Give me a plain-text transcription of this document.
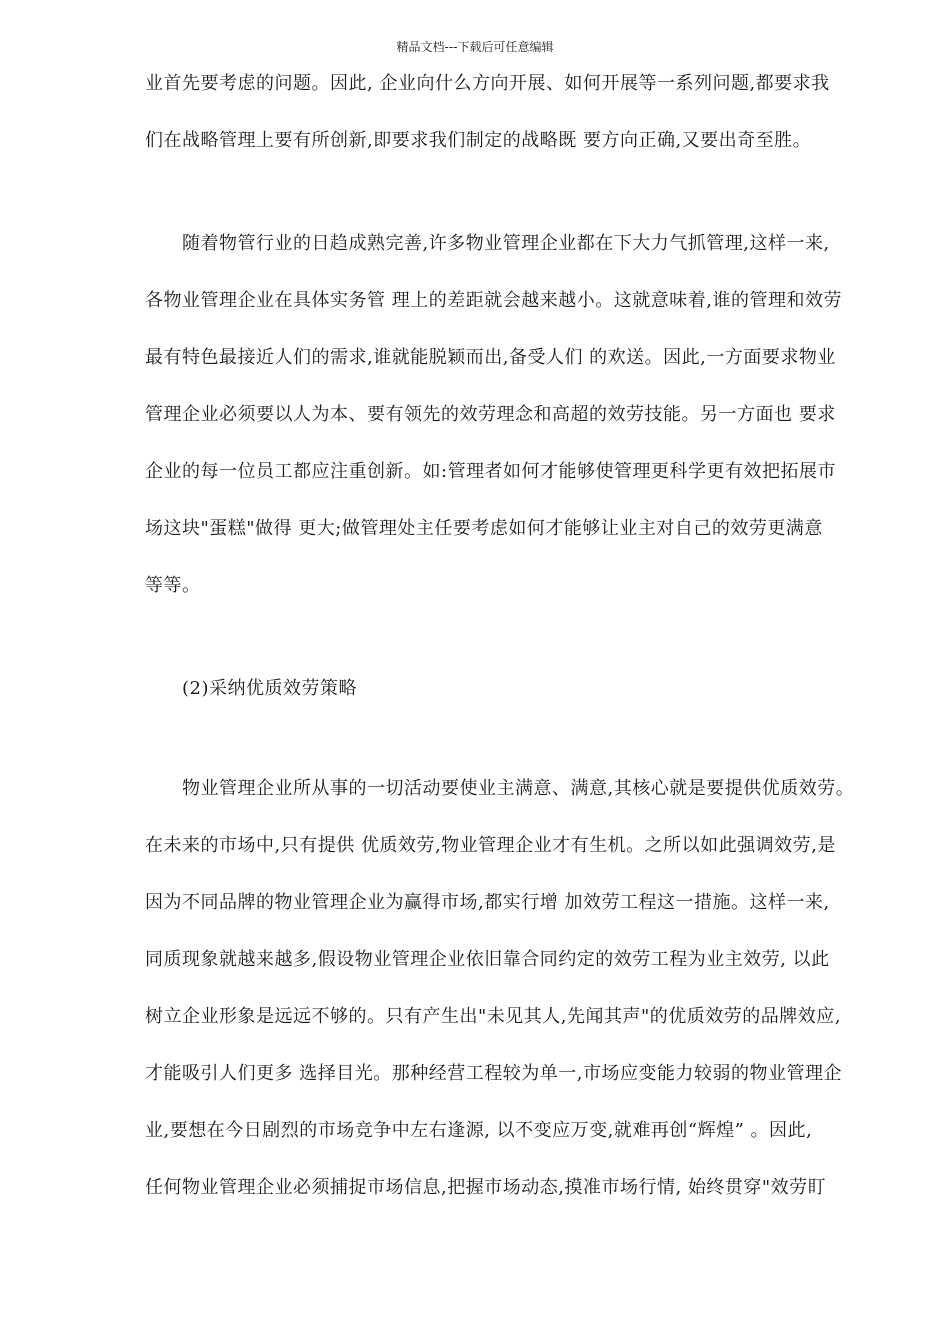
精品文档---下载后可任意编辑
业首先要考虑的问题。因此, 企业向什么方向开展、如何开展等一系列问题,都要求我
们在战略管理上要有所创新,即要求我们制定的战略既 要方向正确,又要出奇至胜。
随着物管行业的日趋成熟完善,许多物业管理企业都在下大力气抓管理,这样一来,
各物业管理企业在具体实务管 理上的差距就会越来越小。这就意味着,谁的管理和效劳
最有特色最接近人们的需求,谁就能脱颖而出,备受人们 的欢送。因此,一方面要求物业
管理企业必须要以人为本、要有领先的效劳理念和高超的效劳技能。另一方面也 要求
企业的每一位员工都应注重创新。如:管理者如何才能够使管理更科学更有效把拓展市
场这块"蛋糕"做得 更大;做管理处主任要考虑如何才能够让业主对自己的效劳更满意
等等。
(2)采纳优质效劳策略
物业管理企业所从事的一切活动要使业主满意、满意,其核心就是要提供优质效劳。
在未来的市场中,只有提供 优质效劳,物业管理企业才有生机。之所以如此强调效劳,是
因为不同品牌的物业管理企业为赢得市场,都实行增 加效劳工程这一措施。这样一来,
同质现象就越来越多,假设物业管理企业依旧靠合同约定的效劳工程为业主效劳, 以此
树立企业形象是远远不够的。只有产生出"未见其人,先闻其声"的优质效劳的品牌效应,
才能吸引人们更多 选择目光。那种经营工程较为单一,市场应变能力较弱的物业管理企
业,要想在今日剧烈的市场竞争中左右逢源, 以不变应万变,就难再创“辉煌” 。因此,
任何物业管理企业必须捕捉市场信息,把握市场动态,摸准市场行情, 始终贯穿"效劳盯
